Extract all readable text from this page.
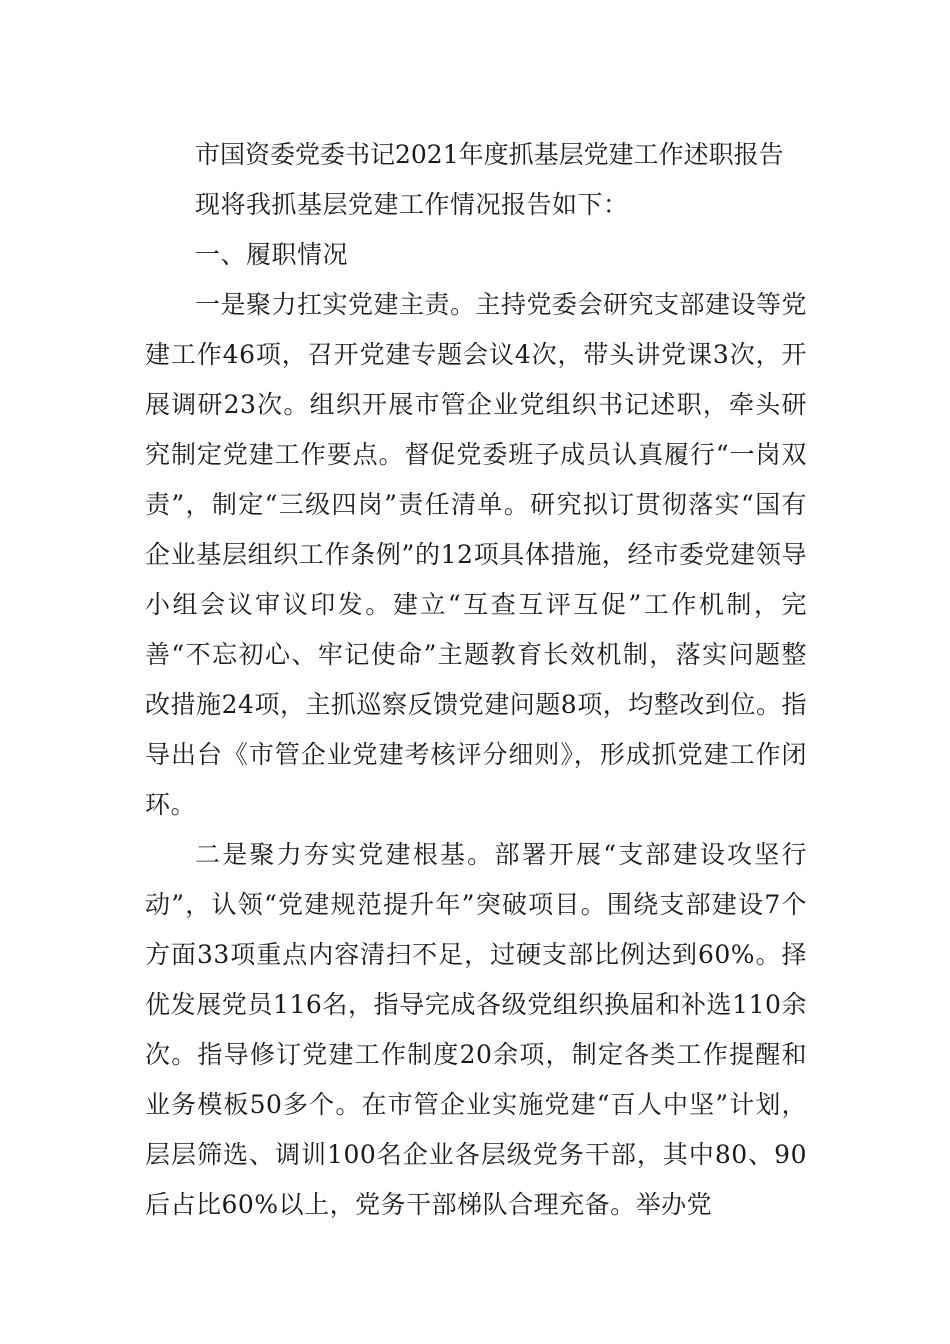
市国资委党委书记2021年度抓基层党建工作述职报告

现将我抓基层党建工作情况报告如下：

一、履职情况

一是聚力扛实党建主责。主持党委会研究支部建设等党建工作46项，召开党建专题会议4次，带头讲党课3次，开展调研23次。组织开展市管企业党组织书记述职，牵头研究制定党建工作要点。督促党委班子成员认真履行“一岗双责”，制定“三级四岗”责任清单。研究拟订贯彻落实“国有企业基层组织工作条例”的12项具体措施，经市委党建领导小组会议审议印发。建立“互查互评互促”工作机制，完善“不忘初心、牢记使命”主题教育长效机制，落实问题整改措施24项，主抓巡察反馈党建问题8项，均整改到位。指导出台《市管企业党建考核评分细则》，形成抓党建工作闭环。

二是聚力夯实党建根基。部署开展“支部建设攻坚行动”，认领“党建规范提升年”突破项目。围绕支部建设7个方面33项重点内容清扫不足，过硬支部比例达到60%。择优发展党员116名，指导完成各级党组织换届和补选110余次。指导修订党建工作制度20余项，制定各类工作提醒和业务模板50多个。在市管企业实施党建“百人中坚”计划，层层筛选、调训100名企业各层级党务干部，其中80、90后占比60%以上，党务干部梯队合理充备。举办党
